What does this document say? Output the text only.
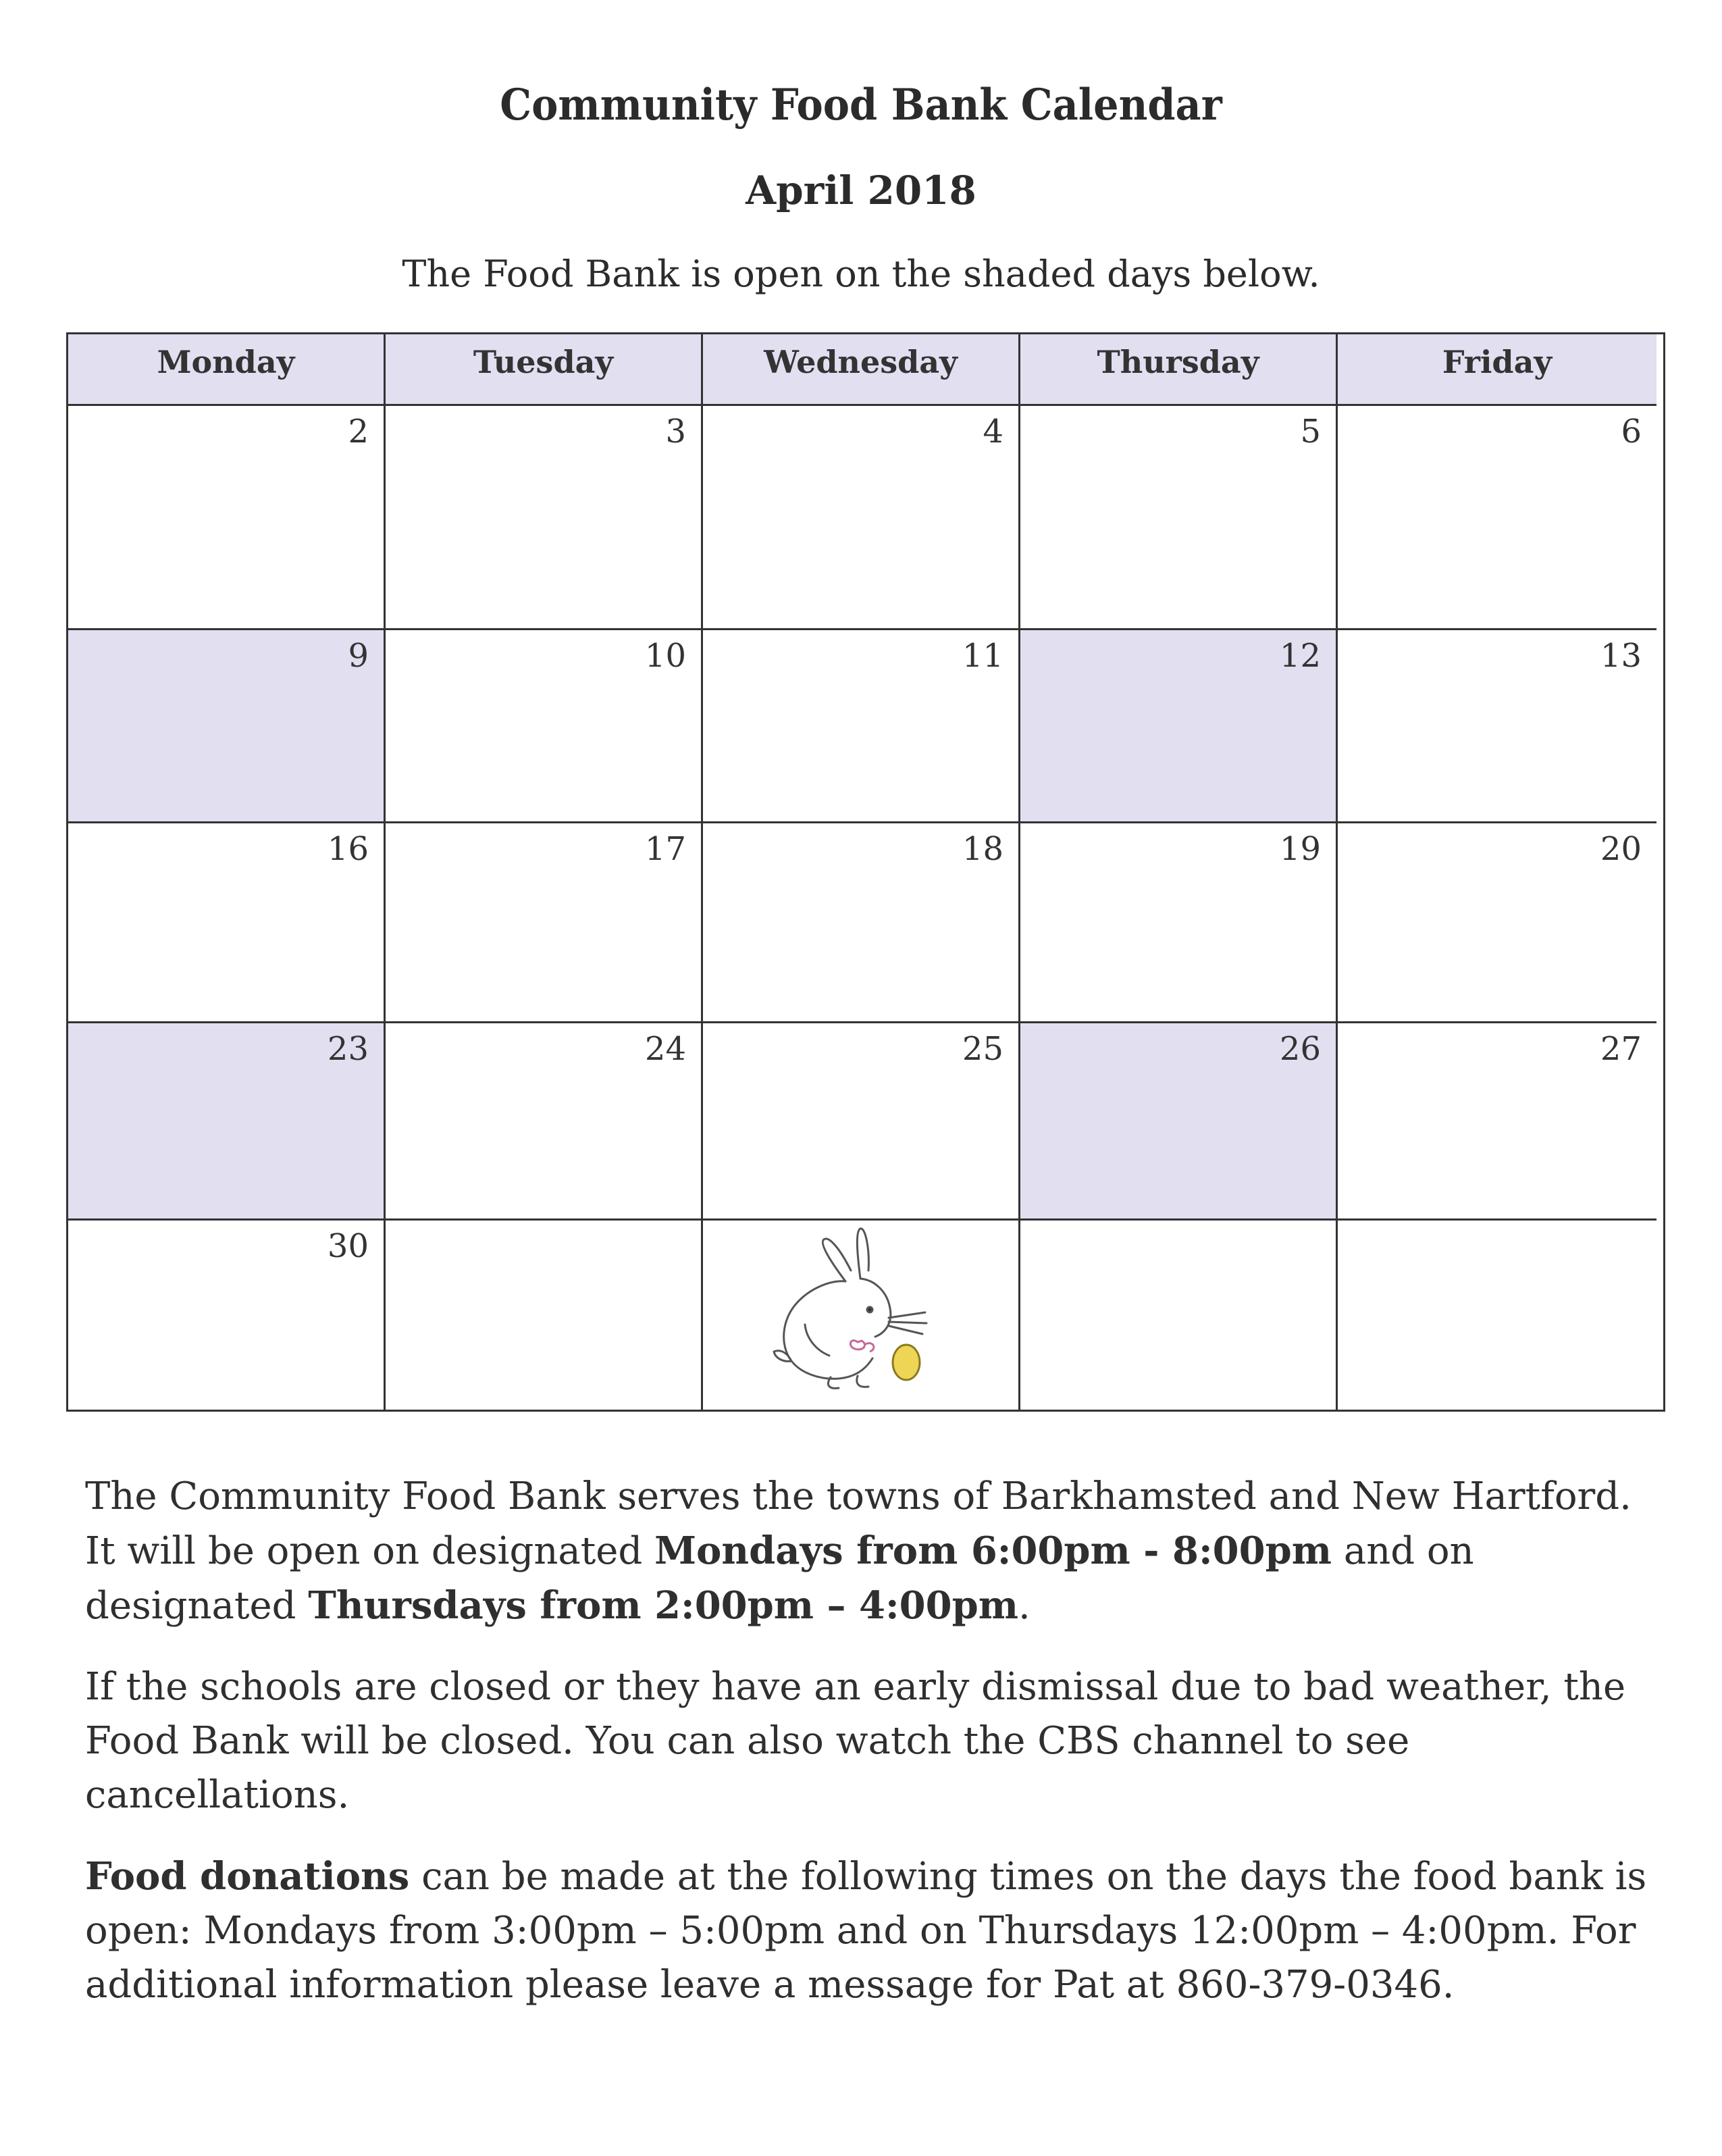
Community Food Bank Calendar
April 2018
The Food Bank is open on the shaded days below.
Monday	Tuesday	Wednesday	Thursday	Friday
2	3	4	5	6
9	10	11	12	13
16	17	18	19	20
23	24	25	26	27
30
The Community Food Bank serves the towns of Barkhamsted and New Hartford. It will be open on designated Mondays from 6:00pm - 8:00pm and on designated Thursdays from 2:00pm – 4:00pm.
If the schools are closed or they have an early dismissal due to bad weather, the Food Bank will be closed. You can also watch the CBS channel to see cancellations.
Food donations can be made at the following times on the days the food bank is open: Mondays from 3:00pm – 5:00pm and on Thursdays 12:00pm – 4:00pm. For additional information please leave a message for Pat at 860-379-0346.
